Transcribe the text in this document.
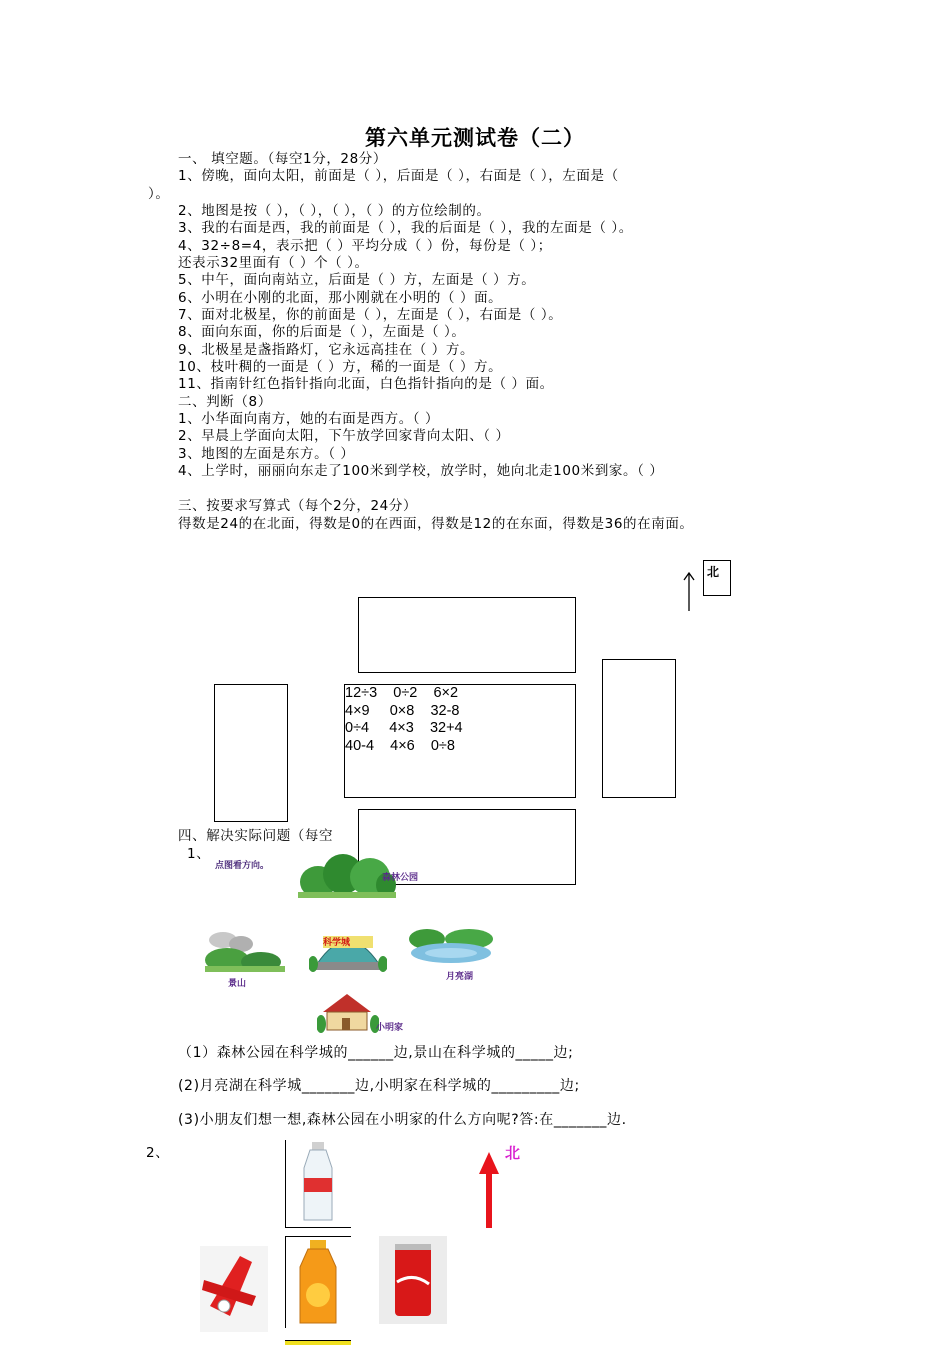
第六单元测试卷（二）
一、 填空题。（每空1分，28分）
1、傍晚，面向太阳，前面是（ ），后面是（ ），右面是（ ），左面是（
）。
2、地图是按（ ），（ ），（ ），（ ）的方位绘制的。
3、我的右面是西，我的前面是（ ），我的后面是（ ），我的左面是（ ）。
4、32÷8=4，表示把（ ）平均分成（ ）份，每份是（ ）；
还表示32里面有（ ）个（ ）。
5、中午，面向南站立，后面是（ ）方，左面是（ ）方。
6、小明在小刚的北面，那小刚就在小明的（ ）面。
7、面对北极星，你的前面是（ ），左面是（ ），右面是（ ）。
8、面向东面，你的后面是（ ），左面是（ ）。
9、北极星是盏指路灯，它永远高挂在（ ）方。
10、枝叶稠的一面是（ ）方，稀的一面是（ ）方。
11、指南针红色指针指向北面，白色指针指向的是（ ）面。
二、判断（8）
1、小华面向南方，她的右面是西方。（ ）
2、早晨上学面向太阳，下午放学回家背向太阳、（ ）
3、地图的左面是东方。（ ）
4、上学时，丽丽向东走了100米到学校，放学时，她向北走100米到家。（ ）
三、按要求写算式（每个2分，24分）
得数是24的在北面，得数是0的在西面，得数是12的在东面，得数是36的在南面。
北
12÷3    0÷2    6×2
4×9     0×8    32-8
0÷4     4×3    32+4
40-4    4×6    0÷8
四、解决实际问题（每空
1、
点图看方向。
森林公园
科学城
景山
月亮湖
小明家
（1）森林公园在科学城的______边,景山在科学城的_____边;
(2)月亮湖在科学城_______边,小明家在科学城的_________边;
(3)小朋友们想一想,森林公园在小明家的什么方向呢?答:在_______边.
2、	北
